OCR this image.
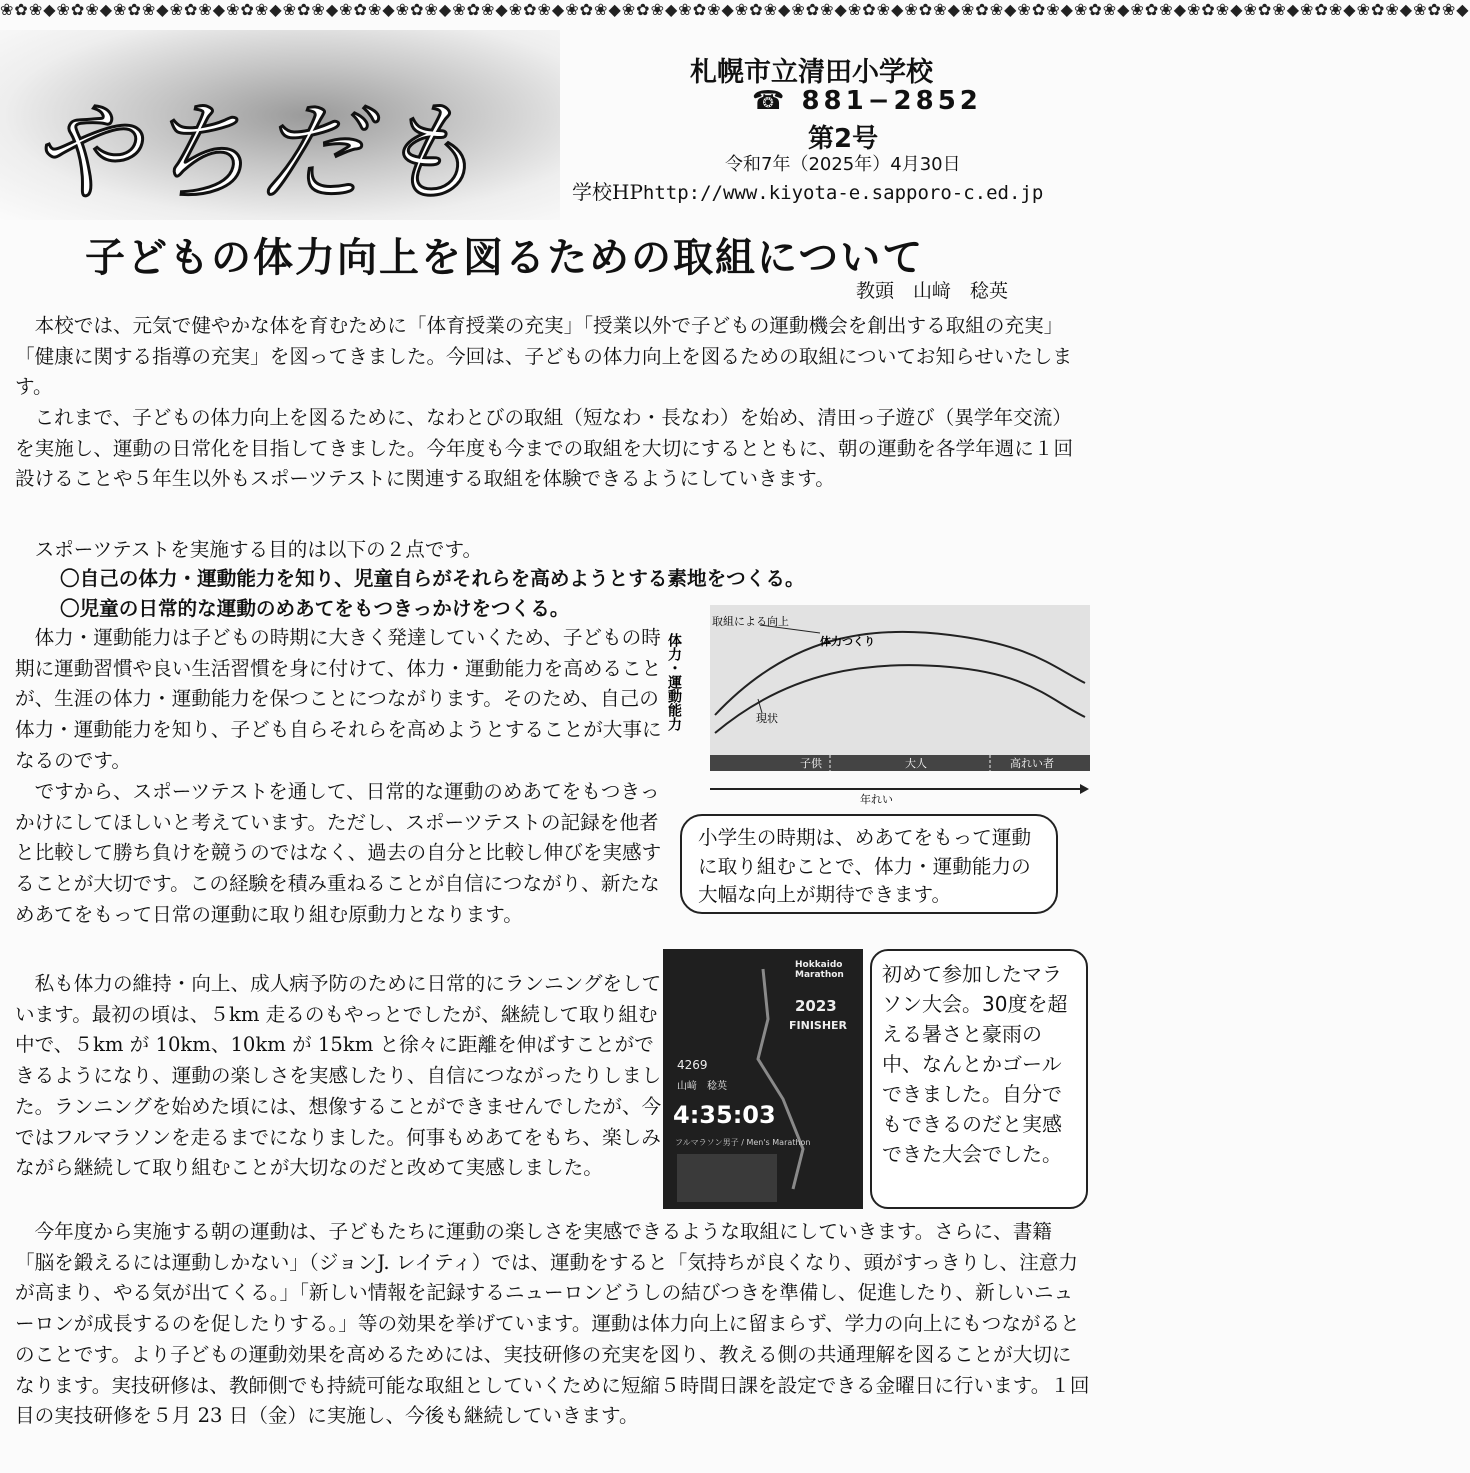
❀✿❀◆❀✿❀◆❀✿❀◆❀✿❀◆❀✿❀◆❀✿❀◆❀✿❀◆❀✿❀◆❀✿❀◆❀✿❀◆❀✿❀◆❀✿❀◆❀✿❀◆❀✿❀◆❀✿❀◆❀✿❀◆❀✿❀◆❀✿❀◆❀✿❀◆❀✿❀◆❀✿❀◆❀✿❀◆❀✿❀◆❀✿❀◆❀✿❀◆❀✿❀◆
やちだも
札幌市立清田小学校
☎ 881−2852
第2号
令和7年（2025年）4月30日
学校HPhttp://www.kiyota-e.sapporo-c.ed.jp
子どもの体力向上を図るための取組について
教頭　山﨑　稔英

本校では、元気で健やかな体を育むために「体育授業の充実」「授業以外で子どもの運動機会を創出する取組の充実」「健康に関する指導の充実」を図ってきました。今回は、子どもの体力向上を図るための取組についてお知らせいたします。

これまで、子どもの体力向上を図るために、なわとびの取組（短なわ・長なわ）を始め、清田っ子遊び（異学年交流）を実施し、運動の日常化を目指してきました。今年度も今までの取組を大切にするとともに、朝の運動を各学年週に１回設けることや５年生以外もスポーツテストに関連する取組を体験できるようにしていきます。

スポーツテストを実施する目的は以下の２点です。

〇自己の体力・運動能力を知り、児童自らがそれらを高めようとする素地をつくる。
〇児童の日常的な運動のめあてをもつきっかけをつくる。

体力・運動能力は子どもの時期に大きく発達していくため、子どもの時期に運動習慣や良い生活習慣を身に付けて、体力・運動能力を高めることが、生涯の体力・運動能力を保つことにつながります。そのため、自己の体力・運動能力を知り、子ども自らそれらを高めようとすることが大事になるのです。

ですから、スポーツテストを通して、日常的な運動のめあてをもつきっかけにしてほしいと考えています。ただし、スポーツテストの記録を他者と比較して勝ち負けを競うのではなく、過去の自分と比較し伸びを実感することが大切です。この経験を積み重ねることが自信につながり、新たなめあてをもって日常の運動に取り組む原動力となります。

私も体力の維持・向上、成人病予防のために日常的にランニングをしています。最初の頃は、５km 走るのもやっとでしたが、継続して取り組む中で、５km が 10km、10km が 15km と徐々に距離を伸ばすことができるようになり、運動の楽しさを実感したり、自信につながったりしました。ランニングを始めた頃には、想像することができませんでしたが、今ではフルマラソンを走るまでになりました。何事もめあてをもち、楽しみながら継続して取り組むことが大切なのだと改めて実感しました。

体力・運動能力
取組による向上
体力つくり
現状
子供	大人	高れい者
年れい
小学生の時期は、めあてをもって運動に取り組むことで、体力・運動能力の大幅な向上が期待できます。
Hokkaido
Marathon
2023
FINISHER
4269
山﨑　稔英
4:35:03
フルマラソン男子 / Men's Marathon
初めて参加したマラソン大会。30度を超える暑さと豪雨の中、なんとかゴールできました。自分でもできるのだと実感できた大会でした。

今年度から実施する朝の運動は、子どもたちに運動の楽しさを実感できるような取組にしていきます。さらに、書籍「脳を鍛えるには運動しかない」（ジョンJ. レイティ）では、運動をすると「気持ちが良くなり、頭がすっきりし、注意力が高まり、やる気が出てくる。」「新しい情報を記録するニューロンどうしの結びつきを準備し、促進したり、新しいニューロンが成長するのを促したりする。」等の効果を挙げています。運動は体力向上に留まらず、学力の向上にもつながるとのことです。より子どもの運動効果を高めるためには、実技研修の充実を図り、教える側の共通理解を図ることが大切になります。実技研修は、教師側でも持続可能な取組としていくために短縮５時間日課を設定できる金曜日に行います。１回目の実技研修を５月 23 日（金）に実施し、今後も継続していきます。
